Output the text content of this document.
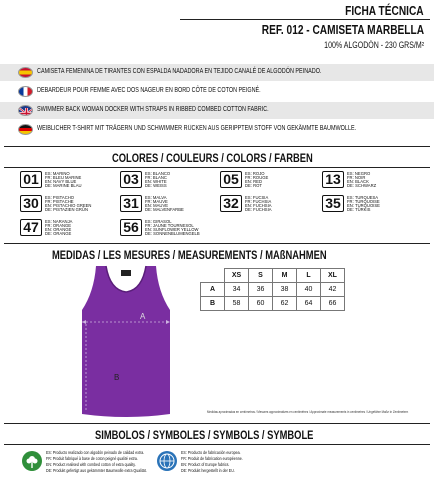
FICHA TÉCNICA
REF. 012 - CAMISETA MARBELLA
100% ALGODÓN - 230 GRS/M²
CAMISETA FEMENINA DE TIRANTES CON ESPALDA NADADORA EN TEJIDO CANALÉ DE ALGODÓN PEINADO.
DEBARDEUR POUR FEMME AVEC DOS NAGEUR EN BORD CÔTE DE COTON PEIGNÉ.
SWIMMER BACK WOMAN DOCKER WITH STRAPS IN RIBBED COMBED COTTON FABRIC.
WEIBLICHER T-SHIRT MIT TRÄGERN UND SCHWIMMER RÜCKEN AUS GERIPPTEM STOFF VON GEKÄMMTE BAUMWOLLE.
COLORES / COULEURS / COLORS / FARBEN
01	ES: MARINO
FR: BLEU MARINE
EN: NAVY BLUE
DE: MARINE BLAU	03	ES: BLANCO
FR: BLANC
EN: WHITE
DE: WEISS	05	ES: ROJO
FR: ROUGE
EN: RED
DE: ROT	13	ES: NEGRO
FR: NOIR
EN: BLACK
DE: SCHWARZ
30	ES: PISTACHO
FR: PISTACHE
EN: PISTACHIO GREEN
DE: PISTAZIEN GRÜN	31	ES: MALVA
FR: MAUVE
EN: MAUVE
DE: MALVENFARBE	32	ES: FUCSIA
FR: FUCHSIA
EN: FUCHSIA
DE: FUCHSIA	35	ES: TURQUESA
FR: TURQUOISE
EN: TURQUOISE
DE: TÜRKIS
47	ES: NARANJA
FR: ORANGE
EN: ORANGE
DE: ORANGE	56	ES: GIRASOL
FR: JAUNE TOURNESOL
EN: SUNFLOWER YELLOW
DE: SONNENBLUMENGELB
MEDIDAS / LES MESURES / MEASUREMENTS / MAßNAHMEN
A
B
	XS	S	M	L	XL
A	34	36	38	40	42
B	58	60	62	64	66
Medidas aproximadas en centímetros / Mesures approximatives en centimètres / Approximate measurements in centimetres / Ungefähre Maße in Zentimetern
SIMBOLOS / SYMBOLES / SYMBOLS / SYMBOLE
ES: Producto realizado con algodón peinado de calidad extra.
FR: Produit fabriqué à base de coton peigné qualité extra.
EN: Product realised with combed cotton of extra quality.
DE: Produkt gefertigt aus gekämmter Baumwolle extra Qualität.
ES: Producto de fabricación europea.
FR: Produit de fabrication européenne.
EN: Product of Europe fabrics.
DE: Produkt hergestellt in der EU.
